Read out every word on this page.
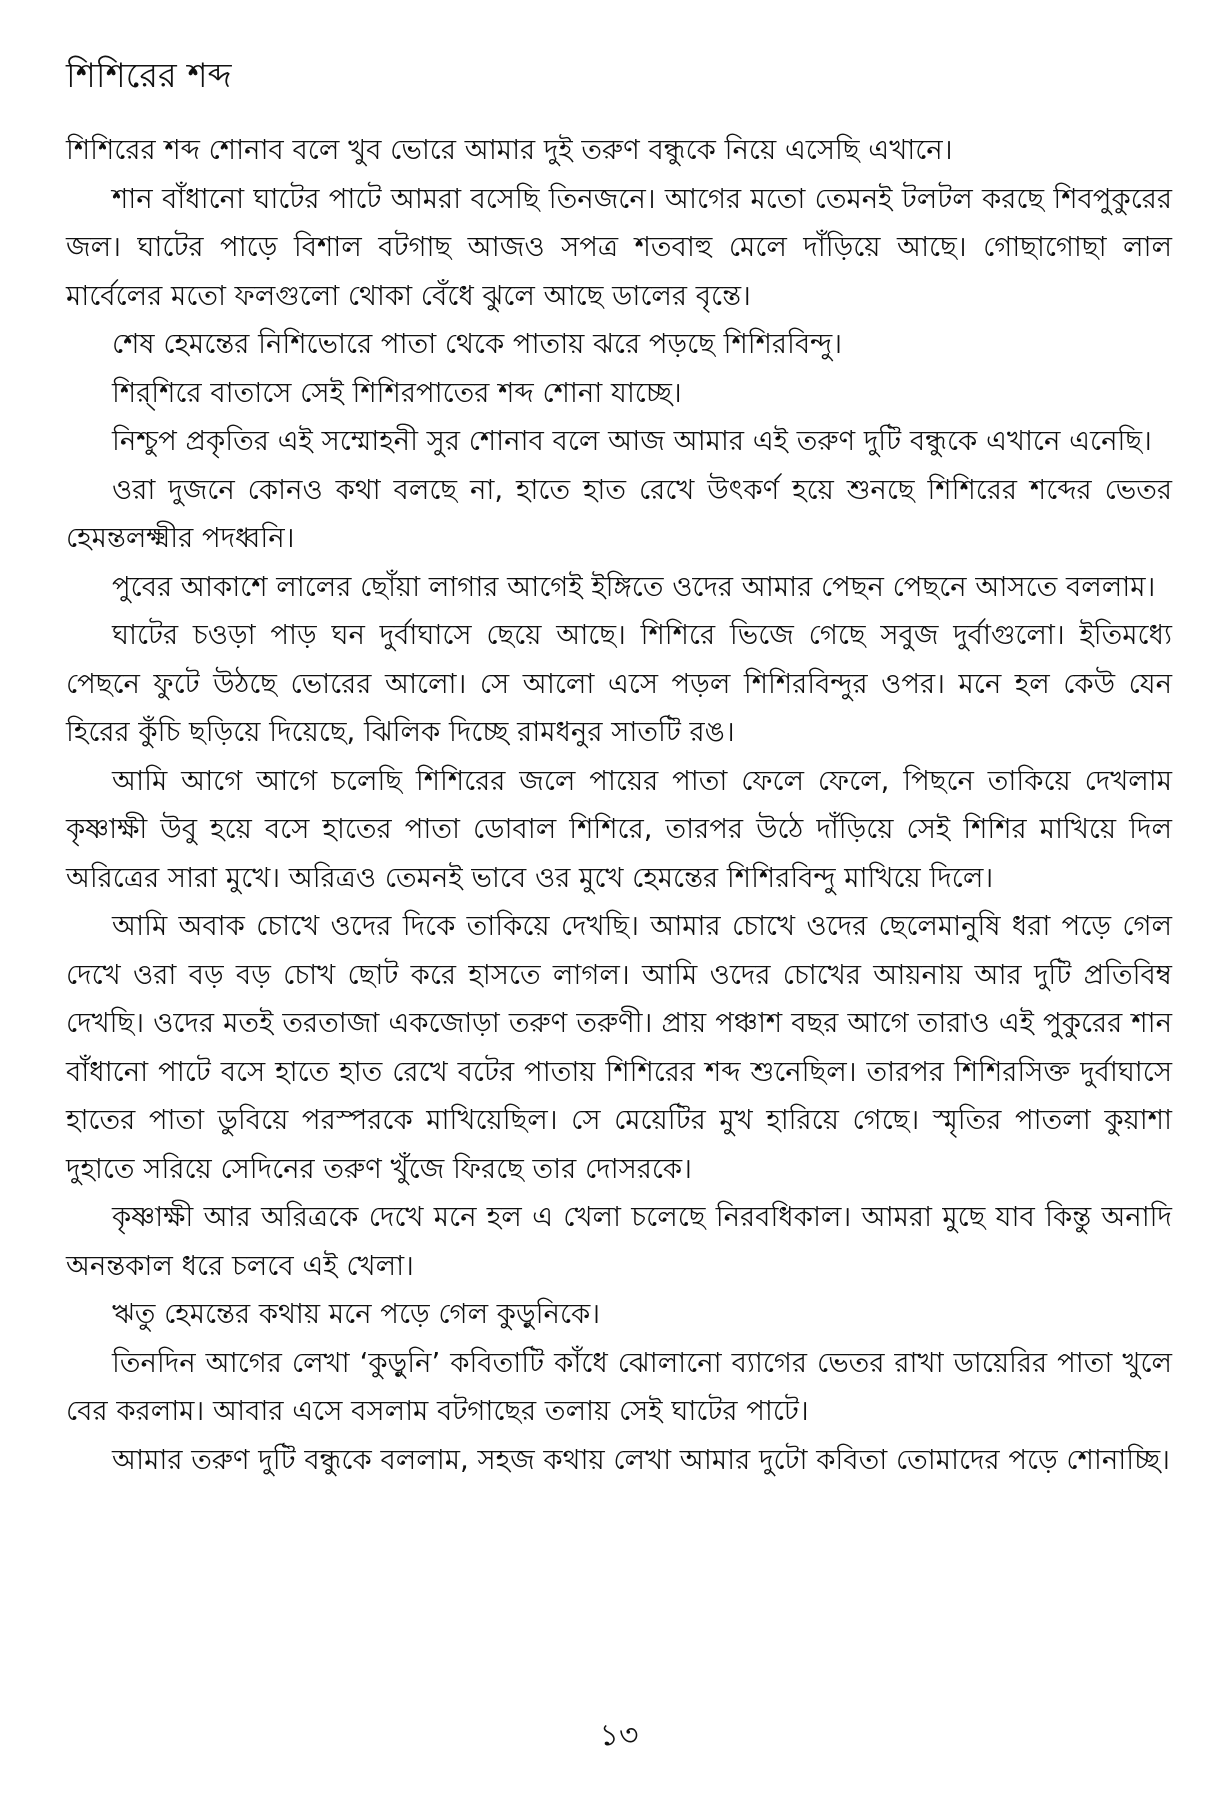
শিশিরের শব্দ

শিশিরের শব্দ শোনাব বলে খুব ভোরে আমার দুই তরুণ বন্ধুকে নিয়ে এসেছি এখানে।

শান বাঁধানো ঘাটের পাটে আমরা বসেছি তিনজনে। আগের মতো তেমনই টলটল করছে শিবপুকুরের জল। ঘাটের পাড়ে বিশাল বটগাছ আজও সপত্র শতবাহু মেলে দাঁড়িয়ে আছে। গোছাগোছা লাল মার্বেলের মতো ফলগুলো থোকা বেঁধে ঝুলে আছে ডালের বৃন্তে।

শেষ হেমন্তের নিশিভোরে পাতা থেকে পাতায় ঝরে পড়ছে শিশিরবিন্দু।

শির্‌শিরে বাতাসে সেই শিশিরপাতের শব্দ শোনা যাচ্ছে।

নিশ্চুপ প্রকৃতির এই সম্মোহনী সুর শোনাব বলে আজ আমার এই তরুণ দুটি বন্ধুকে এখানে এনেছি।

ওরা দুজনে কোনও কথা বলছে না, হাতে হাত রেখে উৎকর্ণ হয়ে শুনছে শিশিরের শব্দের ভেতর হেমন্তলক্ষ্মীর পদধ্বনি।

পুবের আকাশে লালের ছোঁয়া লাগার আগেই ইঙ্গিতে ওদের আমার পেছন পেছনে আসতে বললাম।

ঘাটের চওড়া পাড় ঘন দুর্বাঘাসে ছেয়ে আছে। শিশিরে ভিজে গেছে সবুজ দুর্বাগুলো। ইতিমধ্যে পেছনে ফুটে উঠছে ভোরের আলো। সে আলো এসে পড়ল শিশিরবিন্দুর ওপর। মনে হল কেউ যেন হিরের কুঁচি ছড়িয়ে দিয়েছে, ঝিলিক দিচ্ছে রামধনুর সাতটি রঙ।

আমি আগে আগে চলেছি শিশিরের জলে পায়ের পাতা ফেলে ফেলে, পিছনে তাকিয়ে দেখলাম কৃষ্ণাক্ষী উবু হয়ে বসে হাতের পাতা ডোবাল শিশিরে, তারপর উঠে দাঁড়িয়ে সেই শিশির মাখিয়ে দিল অরিত্রের সারা মুখে। অরিত্রও তেমনই ভাবে ওর মুখে হেমন্তের শিশিরবিন্দু মাখিয়ে দিলে।

আমি অবাক চোখে ওদের দিকে তাকিয়ে দেখছি। আমার চোখে ওদের ছেলেমানুষি ধরা পড়ে গেল দেখে ওরা বড় বড় চোখ ছোট করে হাসতে লাগল। আমি ওদের চোখের আয়নায় আর দুটি প্রতিবিম্ব দেখছি। ওদের মতই তরতাজা একজোড়া তরুণ তরুণী। প্রায় পঞ্চাশ বছর আগে তারাও এই পুকুরের শান বাঁধানো পাটে বসে হাতে হাত রেখে বটের পাতায় শিশিরের শব্দ শুনেছিল। তারপর শিশিরসিক্ত দুর্বাঘাসে হাতের পাতা ডুবিয়ে পরস্পরকে মাখিয়েছিল। সে মেয়েটির মুখ হারিয়ে গেছে। স্মৃতির পাতলা কুয়াশা দুহাতে সরিয়ে সেদিনের তরুণ খুঁজে ফিরছে তার দোসরকে।

কৃষ্ণাক্ষী আর অরিত্রকে দেখে মনে হল এ খেলা চলেছে নিরবধিকাল। আমরা মুছে যাব কিন্তু অনাদি অনন্তকাল ধরে চলবে এই খেলা।

ঋতু হেমন্তের কথায় মনে পড়ে গেল কুড়ুনিকে।

তিনদিন আগের লেখা ‘কুড়ুনি’ কবিতাটি কাঁধে ঝোলানো ব্যাগের ভেতর রাখা ডায়েরির পাতা খুলে বের করলাম। আবার এসে বসলাম বটগাছের তলায় সেই ঘাটের পাটে।

আমার তরুণ দুটি বন্ধুকে বললাম, সহজ কথায় লেখা আমার দুটো কবিতা তোমাদের পড়ে শোনাচ্ছি।

১৩
